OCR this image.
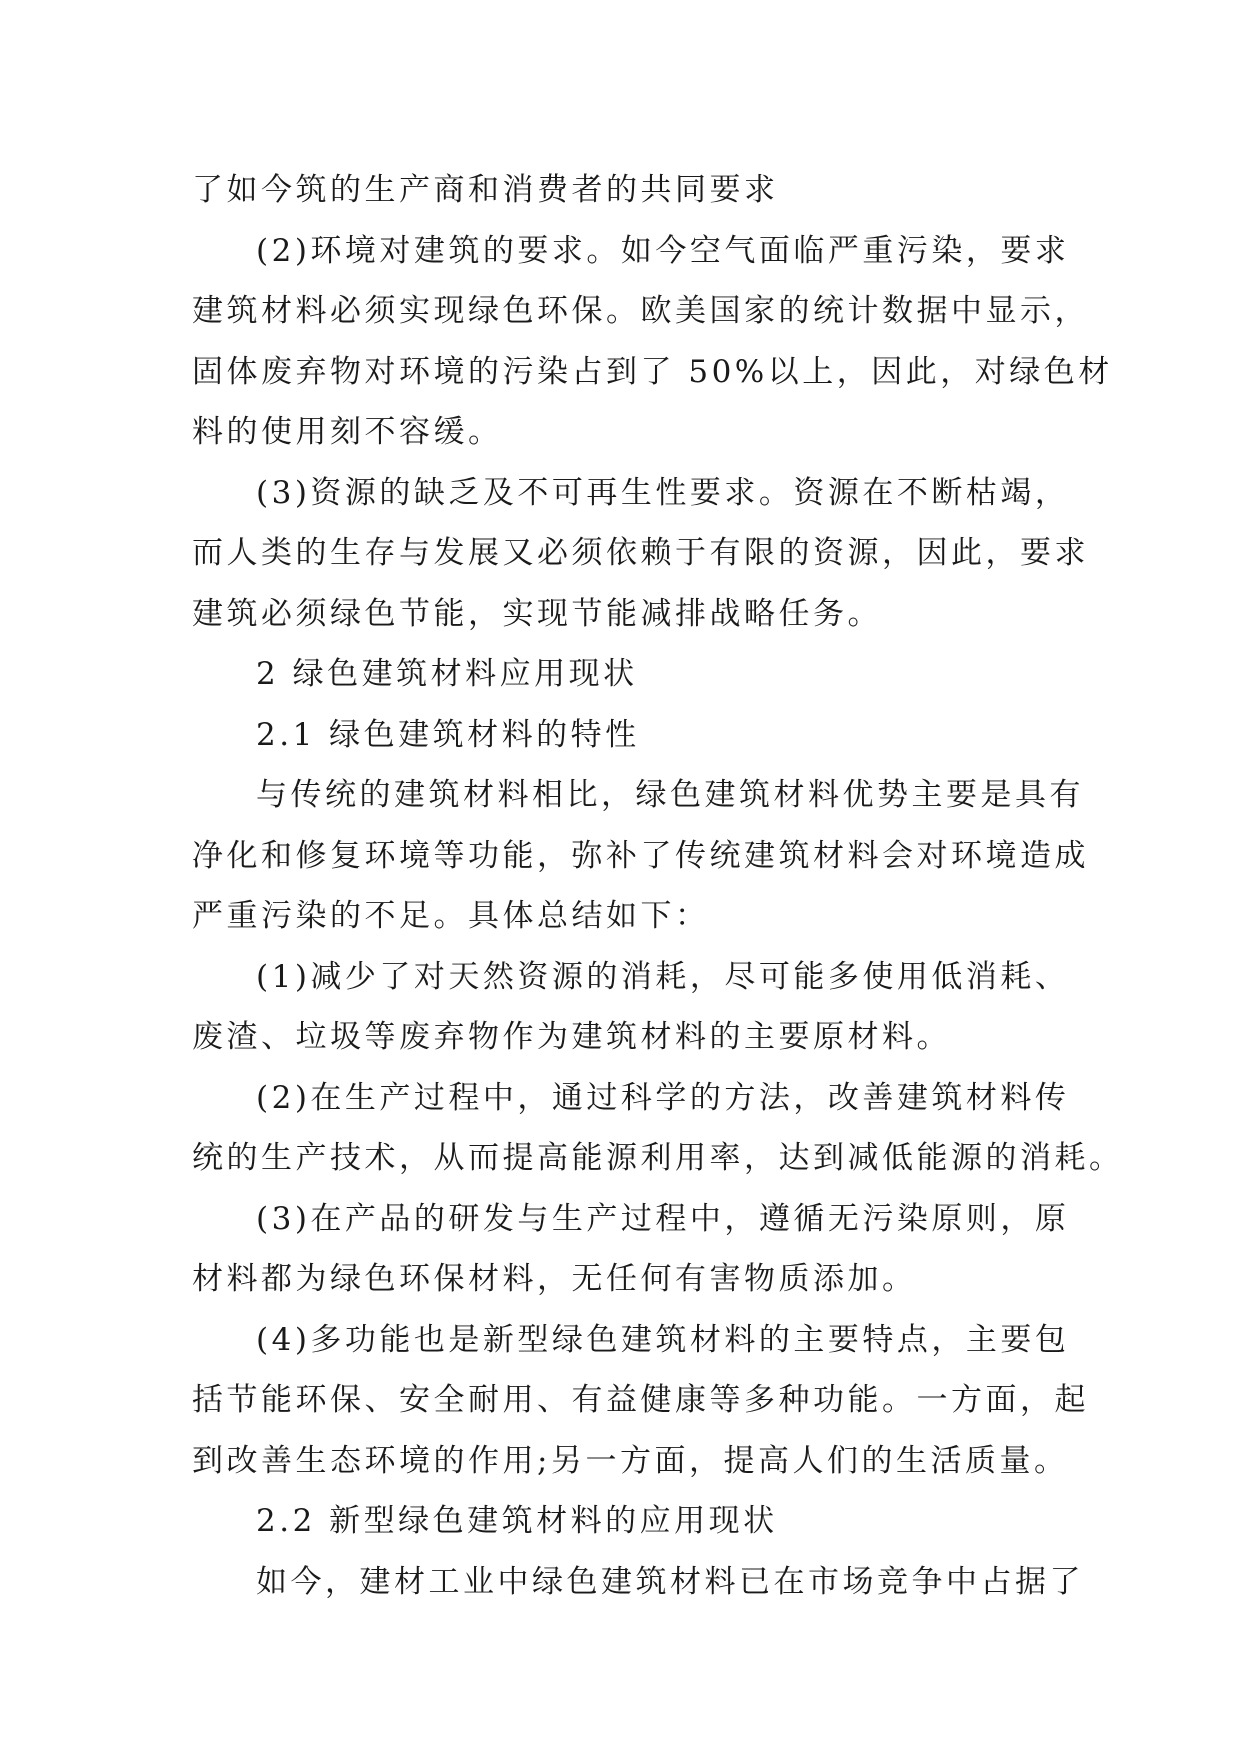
了如今筑的生产商和消费者的共同要求
(2)环境对建筑的要求。如今空气面临严重污染，要求
建筑材料必须实现绿色环保。欧美国家的统计数据中显示，
固体废弃物对环境的污染占到了 50%以上，因此，对绿色材
料的使用刻不容缓。
(3)资源的缺乏及不可再生性要求。资源在不断枯竭，
而人类的生存与发展又必须依赖于有限的资源，因此，要求
建筑必须绿色节能，实现节能减排战略任务。
2 绿色建筑材料应用现状
2.1 绿色建筑材料的特性
与传统的建筑材料相比，绿色建筑材料优势主要是具有
净化和修复环境等功能，弥补了传统建筑材料会对环境造成
严重污染的不足。具体总结如下：
(1)减少了对天然资源的消耗，尽可能多使用低消耗、
废渣、垃圾等废弃物作为建筑材料的主要原材料。
(2)在生产过程中，通过科学的方法，改善建筑材料传
统的生产技术，从而提高能源利用率，达到减低能源的消耗。
(3)在产品的研发与生产过程中，遵循无污染原则，原
材料都为绿色环保材料，无任何有害物质添加。
(4)多功能也是新型绿色建筑材料的主要特点，主要包
括节能环保、安全耐用、有益健康等多种功能。一方面，起
到改善生态环境的作用;另一方面，提高人们的生活质量。
2.2 新型绿色建筑材料的应用现状
如今，建材工业中绿色建筑材料已在市场竞争中占据了
